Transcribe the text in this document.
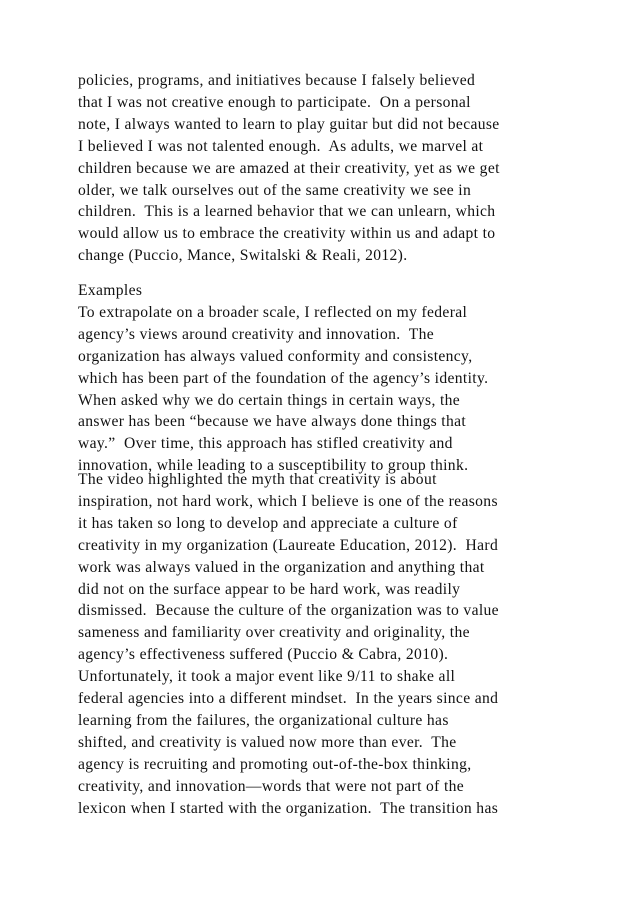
policies, programs, and initiatives because I falsely believed
that I was not creative enough to participate.  On a personal
note, I always wanted to learn to play guitar but did not because
I believed I was not talented enough.  As adults, we marvel at
children because we are amazed at their creativity, yet as we get
older, we talk ourselves out of the same creativity we see in
children.  This is a learned behavior that we can unlearn, which
would allow us to embrace the creativity within us and adapt to
change (Puccio, Mance, Switalski & Reali, 2012).
Examples
To extrapolate on a broader scale, I reflected on my federal
agency’s views around creativity and innovation.  The
organization has always valued conformity and consistency,
which has been part of the foundation of the agency’s identity.
When asked why we do certain things in certain ways, the
answer has been “because we have always done things that
way.”  Over time, this approach has stifled creativity and
innovation, while leading to a susceptibility to group think.
The video highlighted the myth that creativity is about
inspiration, not hard work, which I believe is one of the reasons
it has taken so long to develop and appreciate a culture of
creativity in my organization (Laureate Education, 2012).  Hard
work was always valued in the organization and anything that
did not on the surface appear to be hard work, was readily
dismissed.  Because the culture of the organization was to value
sameness and familiarity over creativity and originality, the
agency’s effectiveness suffered (Puccio & Cabra, 2010).
Unfortunately, it took a major event like 9/11 to shake all
federal agencies into a different mindset.  In the years since and
learning from the failures, the organizational culture has
shifted, and creativity is valued now more than ever.  The
agency is recruiting and promoting out-of-the-box thinking,
creativity, and innovation—words that were not part of the
lexicon when I started with the organization.  The transition has
